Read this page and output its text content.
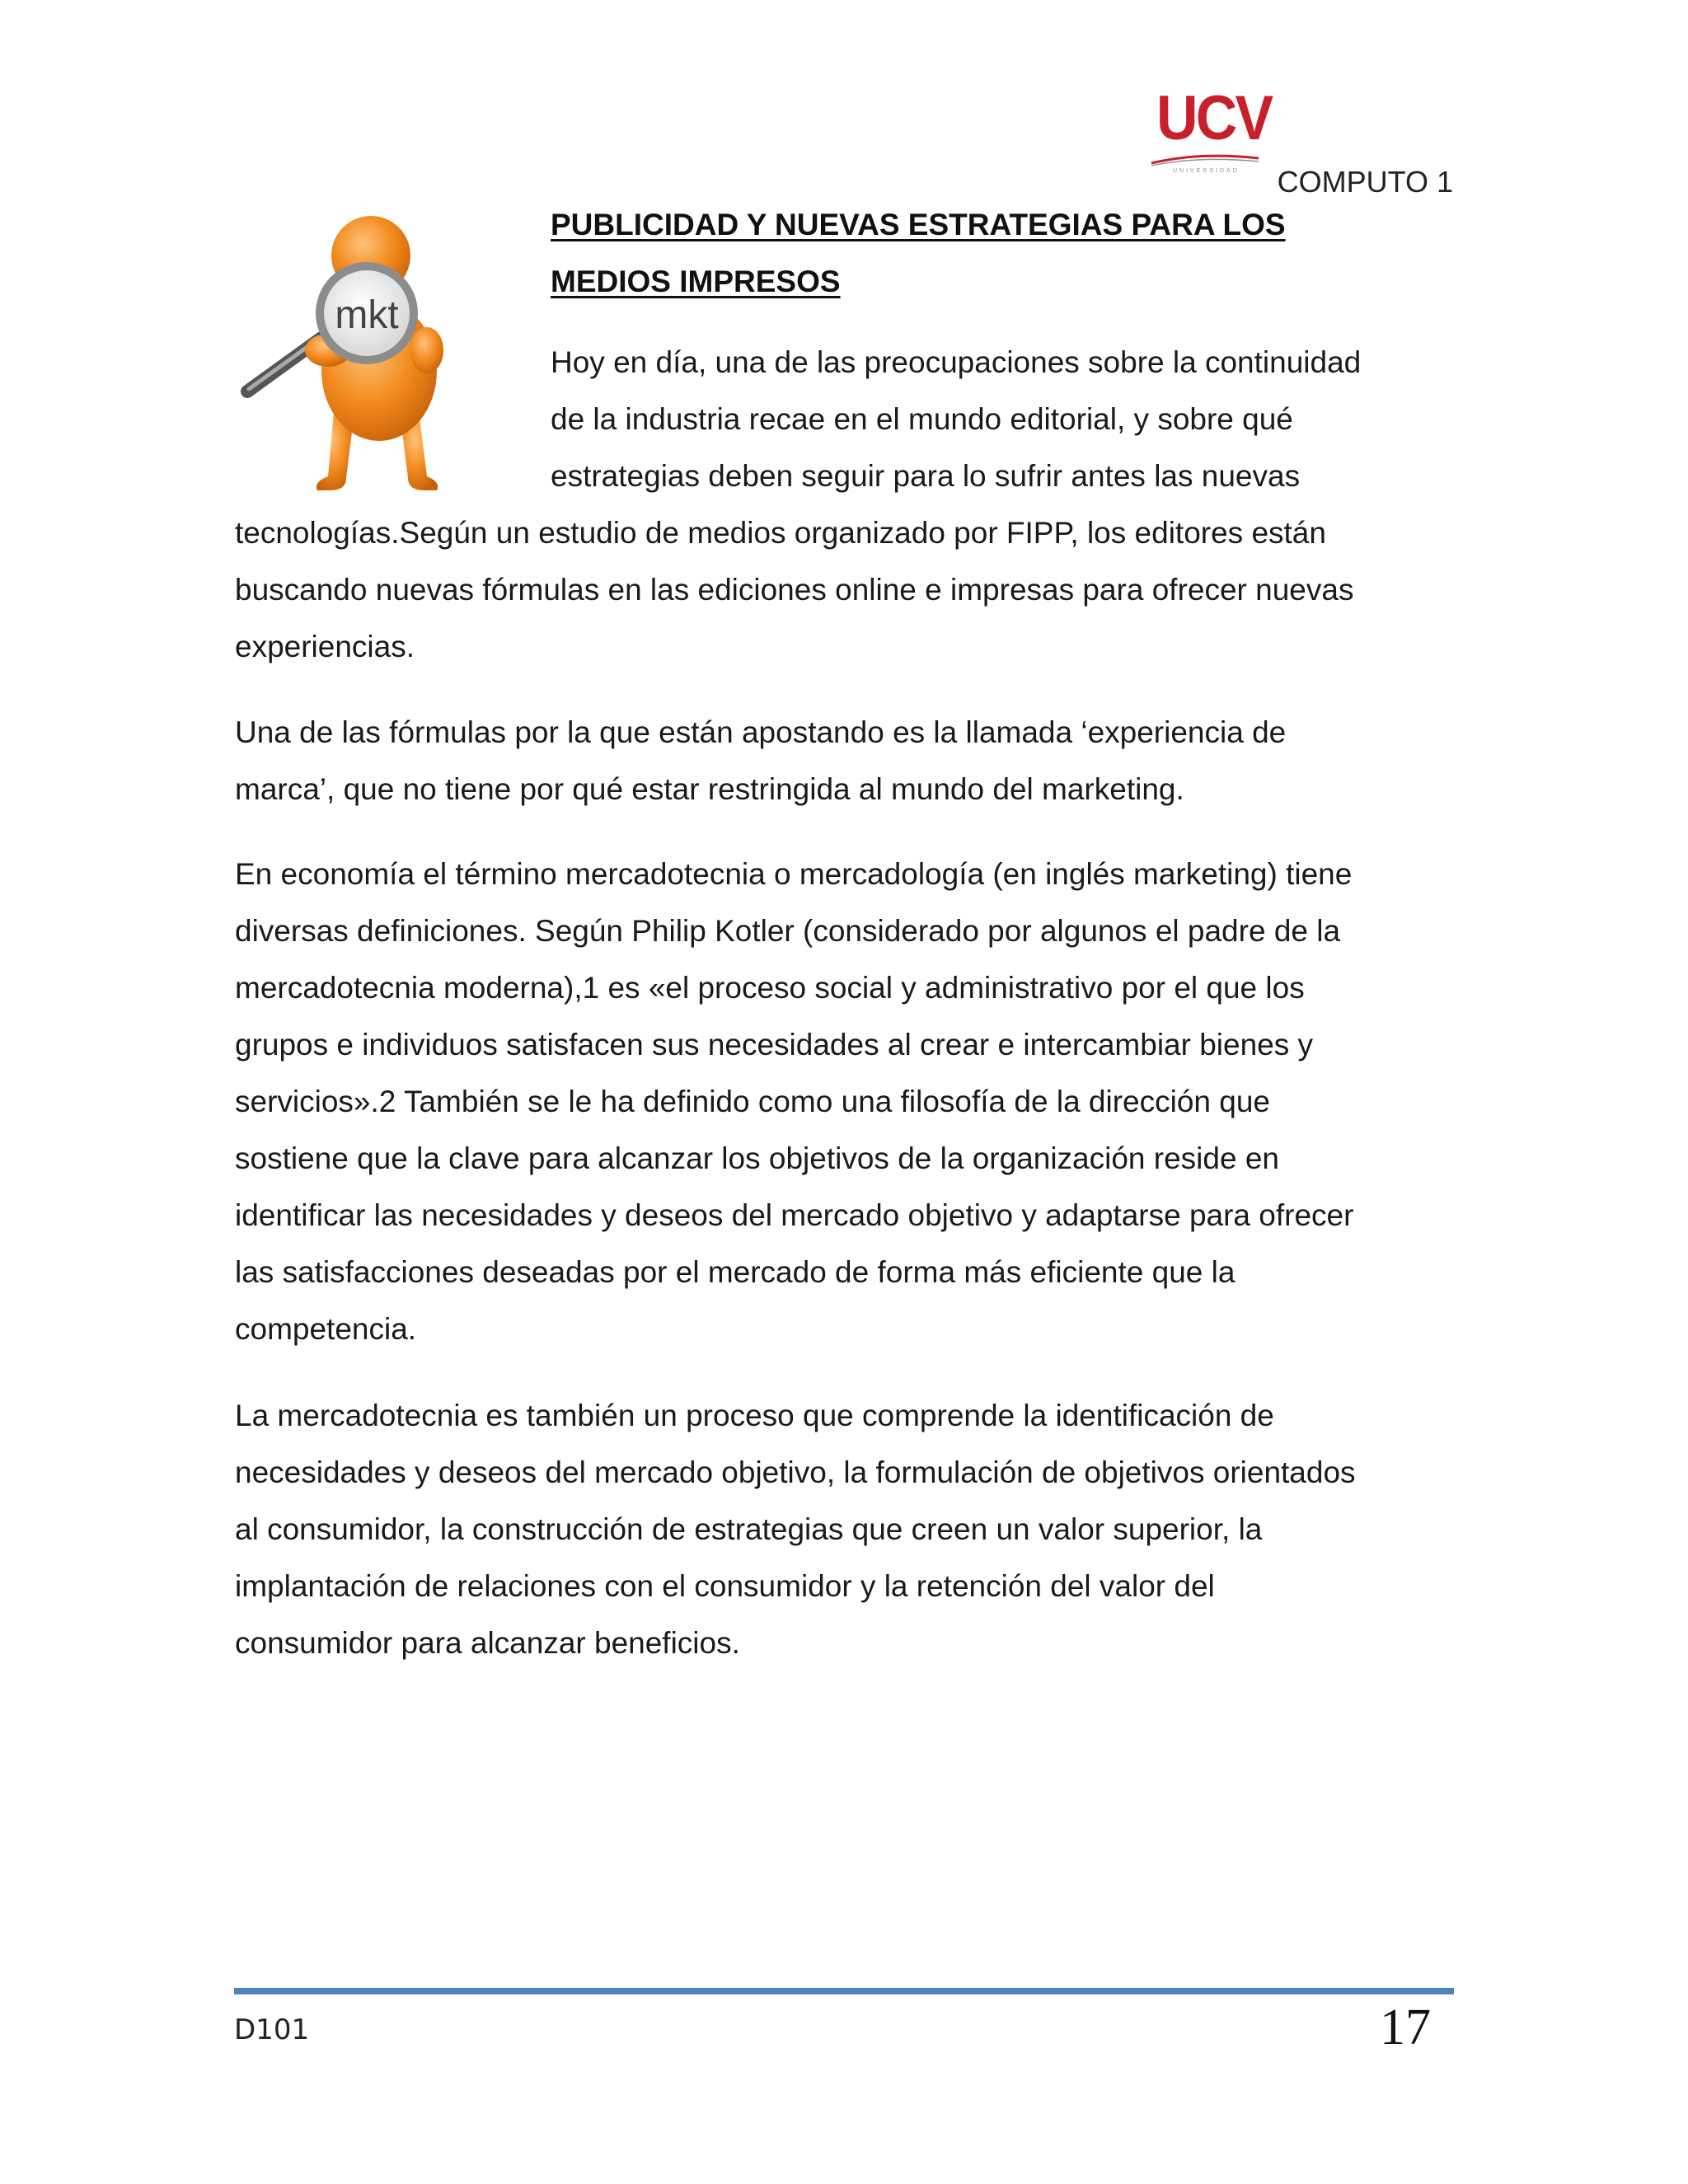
UCV
UNIVERSIDAD COMPUTO 1
mkt
PUBLICIDAD Y NUEVAS ESTRATEGIAS PARA LOS
MEDIOS IMPRESOS
Hoy en día, una de las preocupaciones sobre la continuidad
de la industria recae en el mundo editorial, y sobre qué
estrategias deben seguir para lo sufrir antes las nuevas
tecnologías.Según un estudio de medios organizado por FIPP, los editores están
buscando nuevas fórmulas en las ediciones online e impresas para ofrecer nuevas
experiencias.
Una de las fórmulas por la que están apostando es la llamada ‘experiencia de
marca’, que no tiene por qué estar restringida al mundo del marketing.
En economía el término mercadotecnia o mercadología (en inglés marketing) tiene
diversas definiciones. Según Philip Kotler (considerado por algunos el padre de la
mercadotecnia moderna),1 es «el proceso social y administrativo por el que los
grupos e individuos satisfacen sus necesidades al crear e intercambiar bienes y
servicios».2 También se le ha definido como una filosofía de la dirección que
sostiene que la clave para alcanzar los objetivos de la organización reside en
identificar las necesidades y deseos del mercado objetivo y adaptarse para ofrecer
las satisfacciones deseadas por el mercado de forma más eficiente que la
competencia.
La mercadotecnia es también un proceso que comprende la identificación de
necesidades y deseos del mercado objetivo, la formulación de objetivos orientados
al consumidor, la construcción de estrategias que creen un valor superior, la
implantación de relaciones con el consumidor y la retención del valor del
consumidor para alcanzar beneficios.
D101	17
